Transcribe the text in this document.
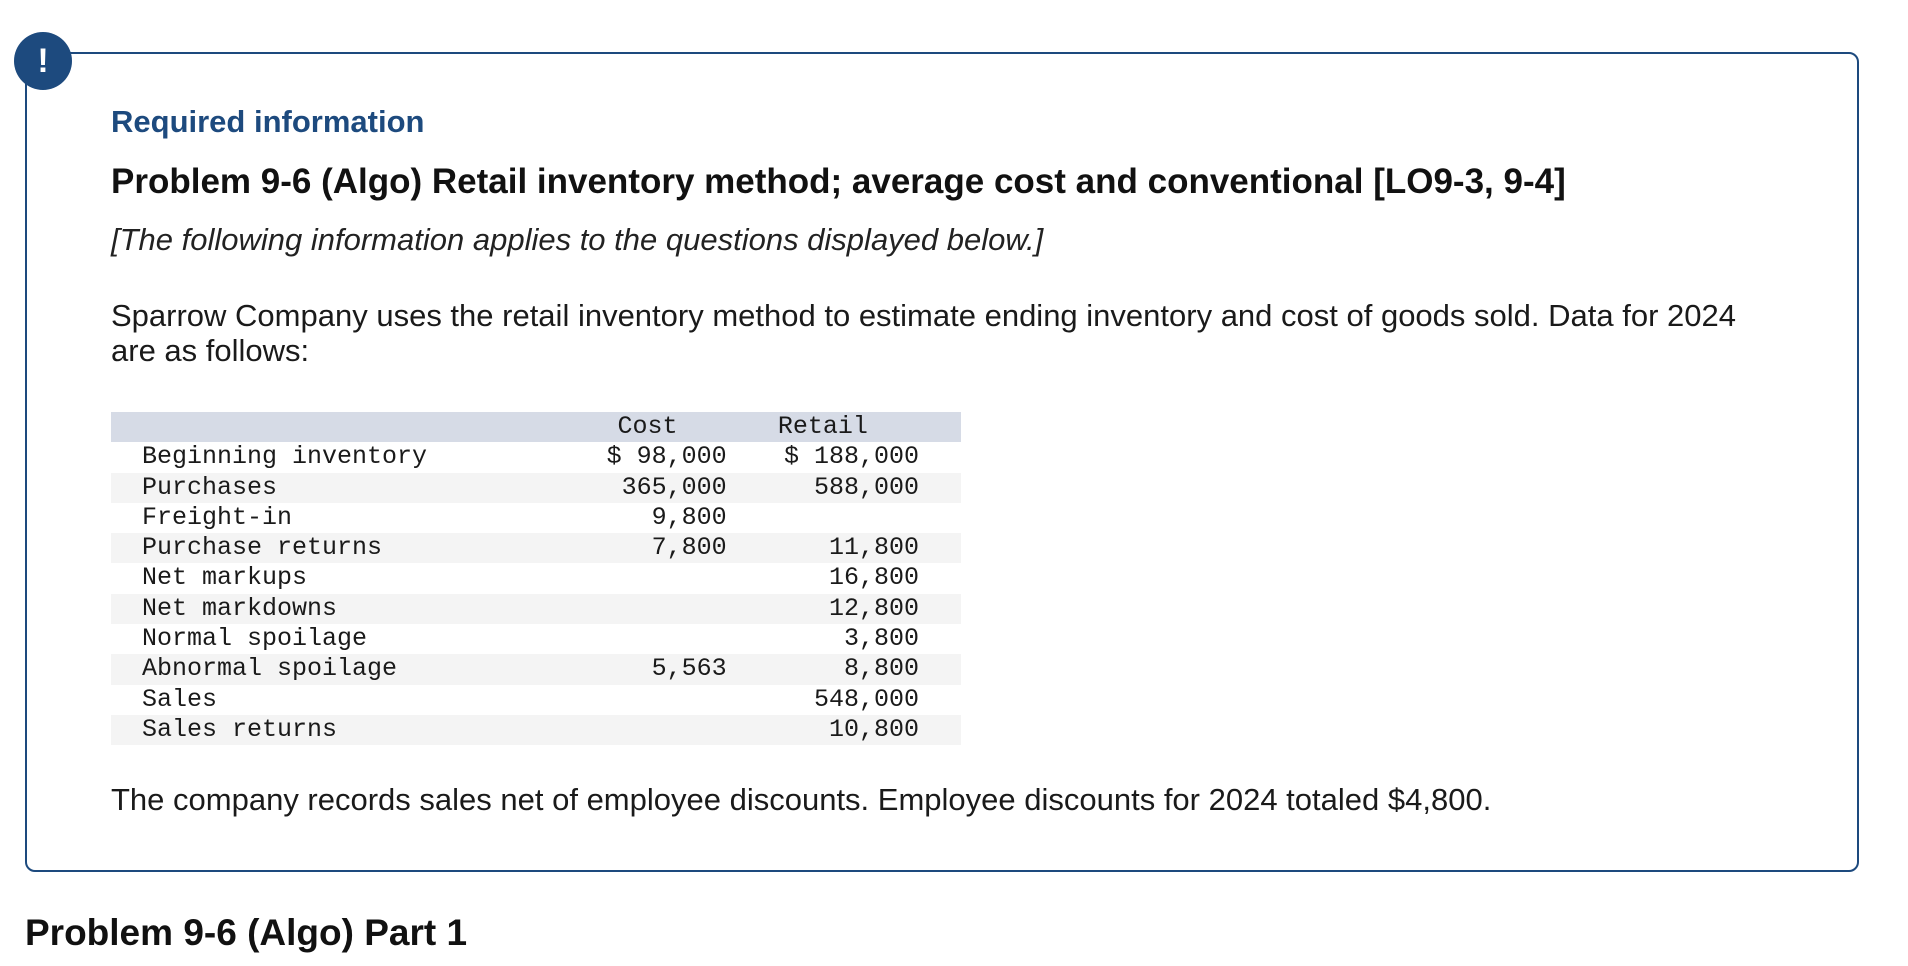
!
Required information
Problem 9-6 (Algo) Retail inventory method; average cost and conventional [LO9-3, 9-4]
[The following information applies to the questions displayed below.]
Sparrow Company uses the retail inventory method to estimate ending inventory and cost of goods sold. Data for 2024 are as follows:
	Cost	Retail
Beginning inventory	$ 98,000	$ 188,000
Purchases	365,000	588,000
Freight-in	9,800	
Purchase returns	7,800	11,800
Net markups		16,800
Net markdowns		12,800
Normal spoilage		3,800
Abnormal spoilage	5,563	8,800
Sales		548,000
Sales returns		10,800
The company records sales net of employee discounts. Employee discounts for 2024 totaled $4,800.
Problem 9-6 (Algo) Part 1
